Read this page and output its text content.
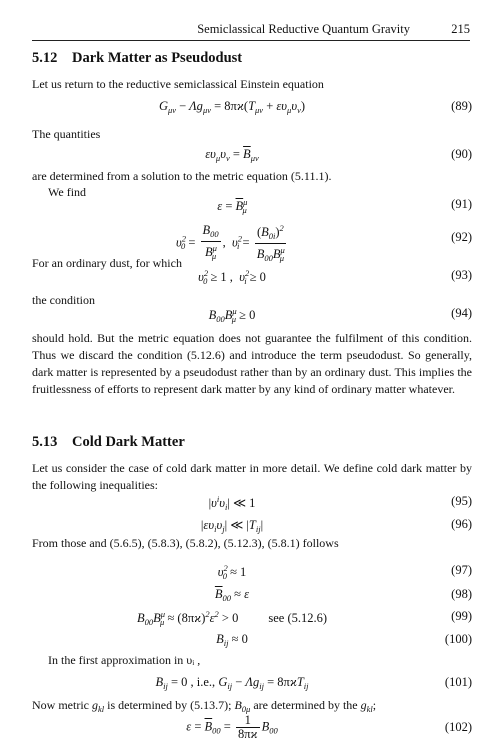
Semiclassical Reductive Quantum Gravity	215
5.12 Dark Matter as Pseudodust
Let us return to the reductive semiclassical Einstein equation
$G_{\mu\nu} - \Lambda g_{\mu\nu} = 8\pi ϰ(T_{\mu\nu} + \varepsilon\upsilon_\mu\upsilon_\nu)$	(89)
The quantities
$\varepsilon\upsilon_\mu\upsilon_\nu = \overline{B}_{\mu\nu}$	(90)
are determined from a solution to the metric equation (5.11.1).
We find
$\varepsilon = \overline{B}^\mu_\mu$	(91)
$\upsilon^2_0 = \frac{B_{00}}{B^\mu_\mu}$ ,  $\upsilon^2_i = \frac{(B_{0i})^2}{B_{00}B^\mu_\mu}$	(92)
For an ordinary dust, for which
$\upsilon^2_0 \ge 1$ ,  $\upsilon^2_i \ge 0$	(93)
the condition
$B_{00}B^\mu_\mu \ge 0$	(94)
should hold. But the metric equation does not guarantee the fulfilment of this condition. Thus we discard the condition (5.12.6) and introduce the term pseudodust. So generally, dark matter is represented by a pseudodust rather than by an ordinary dust. This implies the fruitlessness of efforts to represent dark matter by any kind of ordinary matter whatever.
5.13 Cold Dark Matter
Let us consider the case of cold dark matter in more detail. We define cold dark matter by the following inequalities:
$|\upsilon^i\upsilon_i|$ ≪ 1	(95)
$|\varepsilon\upsilon_i\upsilon_j|$ ≪ $|T_{ij}|$	(96)
From those and (5.6.5), (5.8.3), (5.8.2), (5.12.3), (5.8.1) follows
$\upsilon^2_0 \approx 1$	(97)
$\overline{B}_{00} \approx \varepsilon$	(98)
$B_{00}B^\mu_\mu \approx (8\pi ϰ)^2\varepsilon^2 > 0$ see (5.12.6)	(99)
$B_{ij} \approx 0$	(100)
In the first approximation in υᵢ ,
$B_{ij} = 0$ , i.e., $G_{ij} - \Lambda g_{ij} = 8\pi ϰT_{ij}$	(101)
Now metric $g_{kl}$ is determined by (5.13.7); $B_{0\mu}$ are determined by the $g_{kl}$;
$\varepsilon = \overline{B}_{00} = \frac{1}{8\pi ϰ} B_{00}$	(102)
